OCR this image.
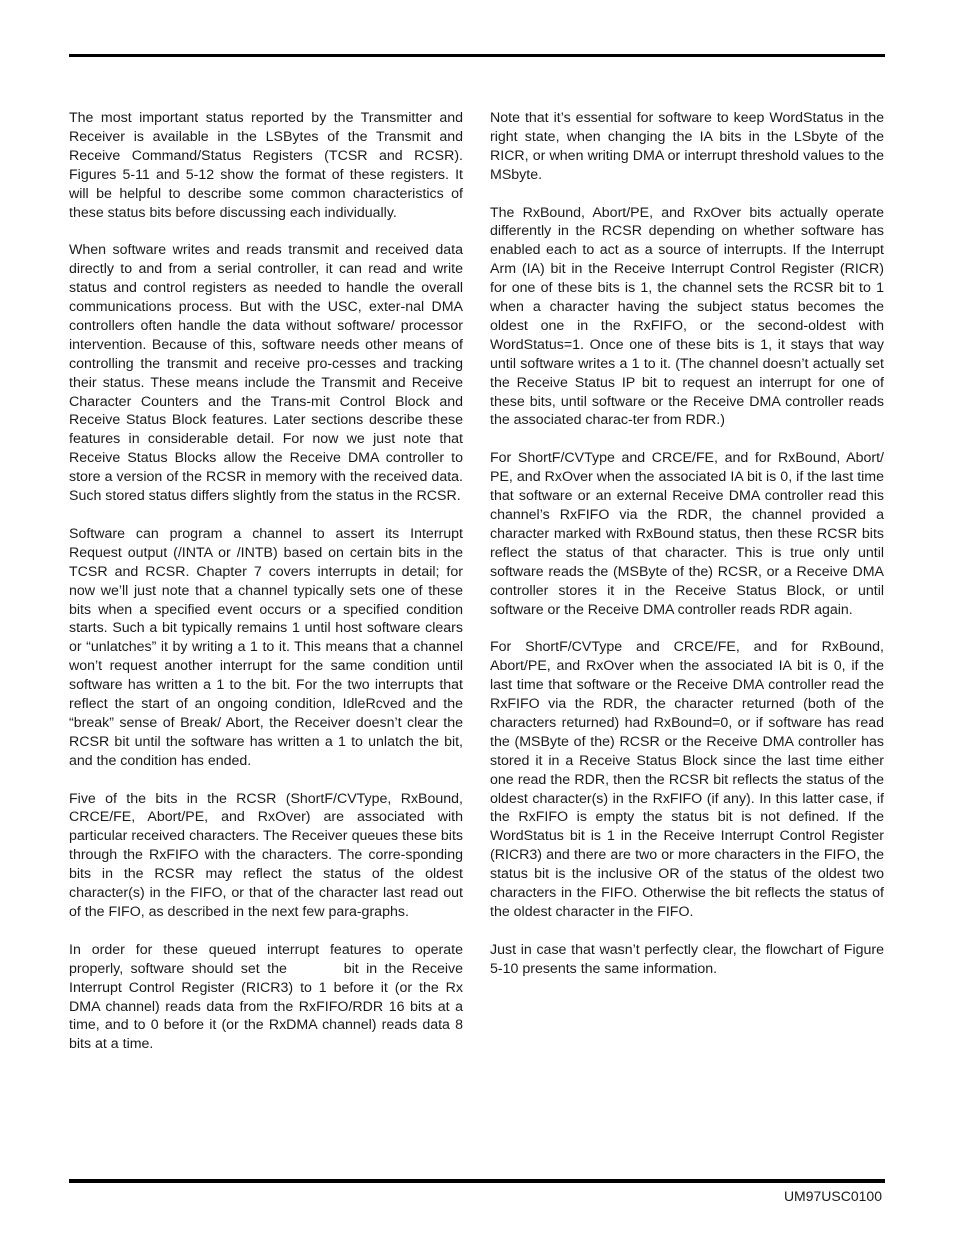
The most important status reported by the Transmitter and Receiver is available in the LSBytes of the Transmit and Receive Command/Status Registers (TCSR and RCSR). Figures 5-11 and 5-12 show the format of these registers. It will be helpful to describe some common characteristics of these status bits before discussing each individually.

When software writes and reads transmit and received data directly to and from a serial controller, it can read and write status and control registers as needed to handle the overall communications process. But with the USC, exter-nal DMA controllers often handle the data without software/ processor intervention. Because of this, software needs other means of controlling the transmit and receive pro-cesses and tracking their status. These means include the Transmit and Receive Character Counters and the Trans-mit Control Block and Receive Status Block features. Later sections describe these features in considerable detail. For now we just note that Receive Status Blocks allow the Receive DMA controller to store a version of the RCSR in memory with the received data. Such stored status differs slightly from the status in the RCSR.

Software can program a channel to assert its Interrupt Request output (/INTA or /INTB) based on certain bits in the TCSR and RCSR. Chapter 7 covers interrupts in detail; for now we’ll just note that a channel typically sets one of these bits when a specified event occurs or a specified condition starts. Such a bit typically remains 1 until host software clears or “unlatches” it by writing a 1 to it. This means that a channel won’t request another interrupt for the same condition until software has written a 1 to the bit. For the two interrupts that reflect the start of an ongoing condition, IdleRcved and the “break” sense of Break/ Abort, the Receiver doesn’t clear the RCSR bit until the software has written a 1 to unlatch the bit, and the condition has ended.

Five of the bits in the RCSR (ShortF/CVType, RxBound, CRCE/FE, Abort/PE, and RxOver) are associated with particular received characters. The Receiver queues these bits through the RxFIFO with the characters. The corre-sponding bits in the RCSR may reflect the status of the oldest character(s) in the FIFO, or that of the character last read out of the FIFO, as described in the next few para-graphs.

In order for these queued interrupt features to operate properly, software should set the	bit in the Receive Interrupt Control Register (RICR3) to 1 before it (or the Rx DMA channel) reads data from the RxFIFO/RDR 16 bits at a time, and to 0 before it (or the RxDMA channel) reads data 8 bits at a time.

Note that it’s essential for software to keep WordStatus in the right state, when changing the IA bits in the LSbyte of the RICR, or when writing DMA or interrupt threshold values to the MSbyte.

The RxBound, Abort/PE, and RxOver bits actually operate differently in the RCSR depending on whether software has enabled each to act as a source of interrupts. If the Interrupt Arm (IA) bit in the Receive Interrupt Control Register (RICR) for one of these bits is 1, the channel sets the RCSR bit to 1 when a character having the subject status becomes the oldest one in the RxFIFO, or the second-oldest with WordStatus=1. Once one of these bits is 1, it stays that way until software writes a 1 to it. (The channel doesn’t actually set the Receive Status IP bit to request an interrupt for one of these bits, until software or the Receive DMA controller reads the associated charac-ter from RDR.)

For ShortF/CVType and CRCE/FE, and for RxBound, Abort/ PE, and RxOver when the associated IA bit is 0, if the last time that software or an external Receive DMA controller read this channel’s RxFIFO via the RDR, the channel provided a character marked with RxBound status, then these RCSR bits reflect the status of that character. This is true only until software reads the (MSByte of the) RCSR, or a Receive DMA controller stores it in the Receive Status Block, or until software or the Receive DMA controller reads RDR again.

For ShortF/CVType and CRCE/FE, and for RxBound, Abort/PE, and RxOver when the associated IA bit is 0, if the last time that software or the Receive DMA controller read the RxFIFO via the RDR, the character returned (both of the characters returned) had RxBound=0, or if software has read the (MSByte of the) RCSR or the Receive DMA controller has stored it in a Receive Status Block since the last time either one read the RDR, then the RCSR bit reflects the status of the oldest character(s) in the RxFIFO (if any). In this latter case, if the RxFIFO is empty the status bit is not defined. If the WordStatus bit is 1 in the Receive Interrupt Control Register (RICR3) and there are two or more characters in the FIFO, the status bit is the inclusive OR of the status of the oldest two characters in the FIFO. Otherwise the bit reflects the status of the oldest character in the FIFO.

Just in case that wasn’t perfectly clear, the flowchart of Figure 5-10 presents the same information.

UM97USC0100
